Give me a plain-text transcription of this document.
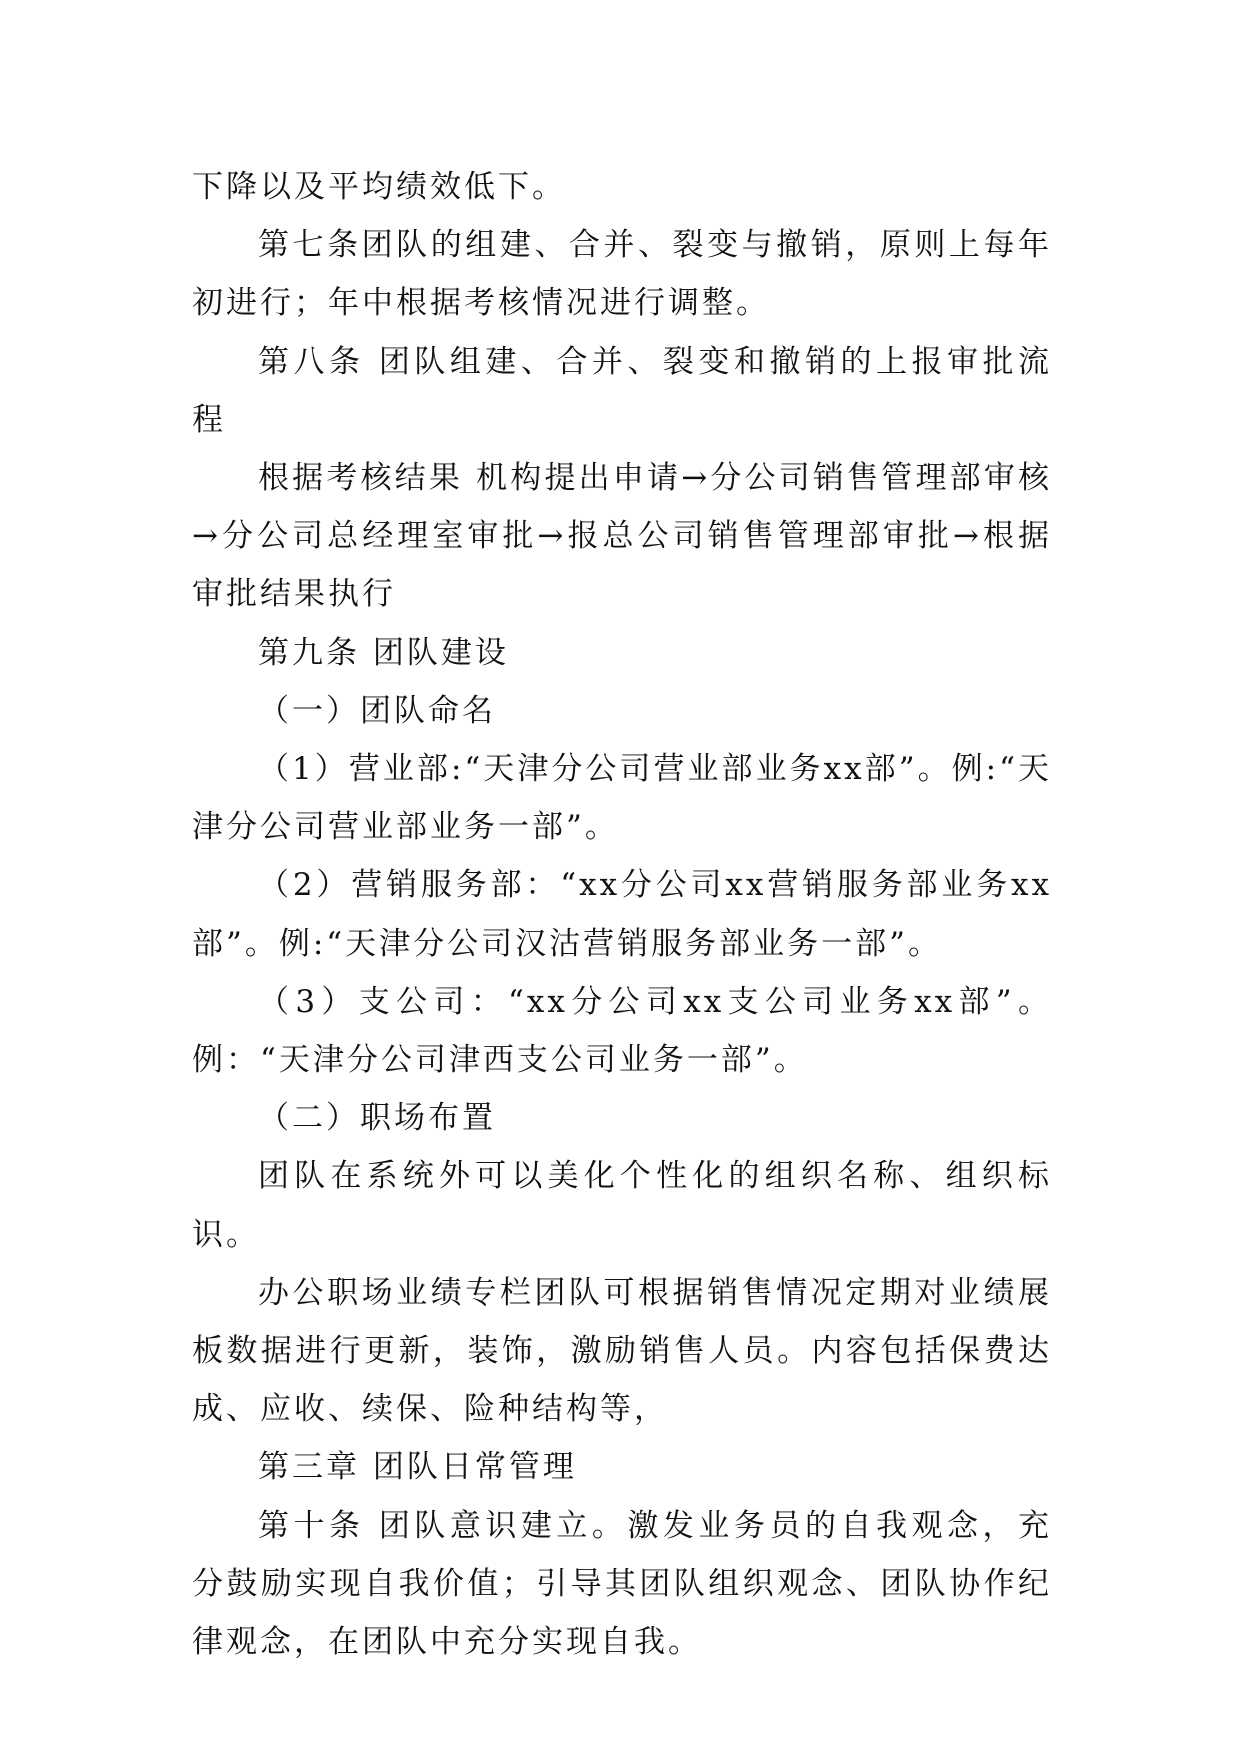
下降以及平均绩效低下。

第七条团队的组建、合并、裂变与撤销，原则上每年初进行；年中根据考核情况进行调整。

第八条 团队组建、合并、裂变和撤销的上报审批流程

根据考核结果 机构提出申请→分公司销售管理部审核→分公司总经理室审批→报总公司销售管理部审批→根据审批结果执行

第九条 团队建设

（一）团队命名

（1）营业部:“天津分公司营业部业务xx部”。例:“天津分公司营业部业务一部”。

（2）营销服务部：“xx分公司xx营销服务部业务xx部”。例:“天津分公司汉沽营销服务部业务一部”。

（3）支公司：“xx分公司xx支公司业务xx部”。例：“天津分公司津西支公司业务一部”。

（二）职场布置

团队在系统外可以美化个性化的组织名称、组织标识。

办公职场业绩专栏团队可根据销售情况定期对业绩展板数据进行更新，装饰，激励销售人员。内容包括保费达成、应收、续保、险种结构等，

第三章 团队日常管理

第十条 团队意识建立。激发业务员的自我观念，充分鼓励实现自我价值；引导其团队组织观念、团队协作纪律观念，在团队中充分实现自我。
